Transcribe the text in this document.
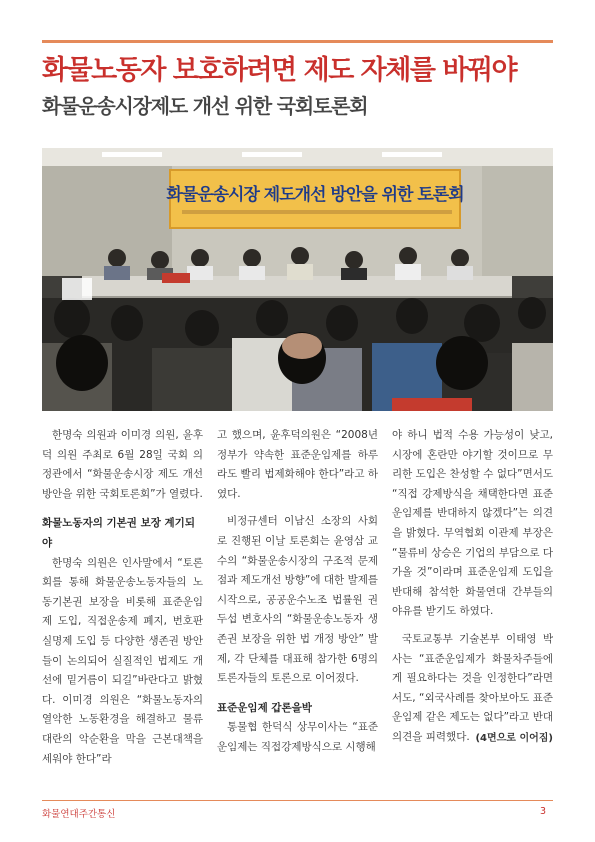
화물노동자 보호하려면 제도 자체를 바꿔야
화물운송시장제도 개선 위한 국회토론회
화물운송시장 제도개선 방안을 위한 토론회

한명숙 의원과 이미경 의원, 윤후덕 의원 주최로 6월 28일 국회 의정관에서 “화물운송시장 제도 개선 방안을 위한 국회토론회”가 열렸다.

화물노동자의 기본권 보장 계기되야

한명숙 의원은 인사말에서 “토론회를 통해 화물운송노동자들의 노동기본권 보장을 비롯해 표준운임제 도입, 직접운송제 폐지, 번호판 실명제 도입 등 다양한 생존권 방안들이 논의되어 실질적인 법제도 개선에 밑거름이 되길”바란다고 밝혔다. 이미경 의원은 “화물노동자의 열악한 노동환경을 해결하고 물류대란의 악순환을 막을 근본대책을 세워야 한다”라

고 했으며, 윤후덕의원은 “2008년 정부가 약속한 표준운임제를 하루라도 빨리 법제화해야 한다”라고 하였다.

비정규센터 이남신 소장의 사회로 진행된 이날 토론회는 윤영삼 교수의 “화물운송시장의 구조적 문제점과 제도개선 방향”에 대한 발제를 시작으로, 공공운수노조 법률원 권두섭 변호사의 “화물운송노동자 생존권 보장을 위한 법 개정 방안” 발제, 각 단체를 대표해 참가한 6명의 토론자들의 토론으로 이어졌다.

표준운임제 갑론을박

통물협 한덕식 상무이사는 “표준운임제는 직접강제방식으로 시행해

야 하니 법적 수용 가능성이 낮고, 시장에 혼란만 야기할 것이므로 무리한 도입은 찬성할 수 없다”면서도 “직접 강제방식을 채택한다면 표준운임제를 반대하지 않겠다”는 의견을 밝혔다. 무역협회 이관제 부장은 “물류비 상승은 기업의 부담으로 다가올 것”이라며 표준운임제 도입을 반대해 참석한 화물연대 간부들의 야유를 받기도 하였다.

국토교통부 기술본부 이태영 박사는 “표준운임제가 화물차주들에게 필요하다는 것을 인정한다”라면서도, “외국사례를 찾아보아도 표준운임제 같은 제도는 없다”라고 반대의견을 피력했다. (4면으로 이어짐)

화물연대주간통신	3
